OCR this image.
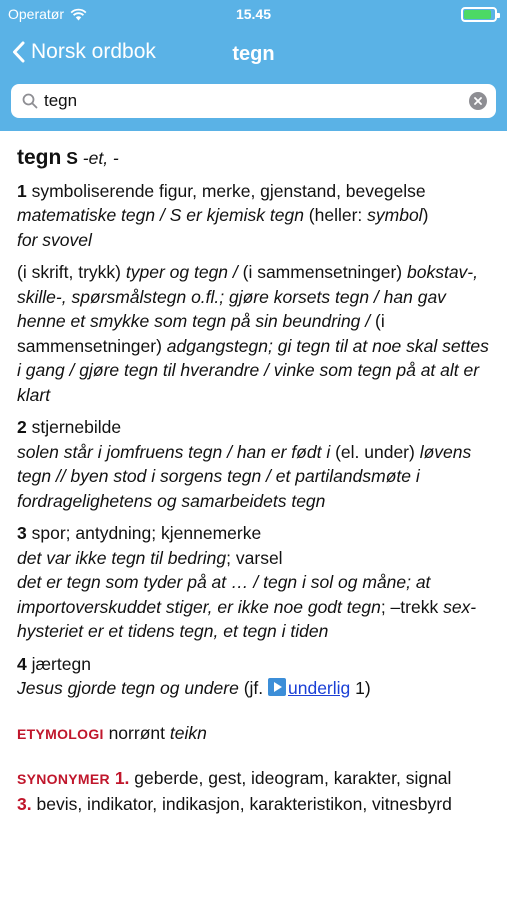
Operatør	15.45
Norsk ordbok	tegn
tegn

tegn S -et, -

1 symboliserende figur, merke, gjenstand, bevegelse
matematiske tegn / S er kjemisk tegn (heller: symbol)
for svovel

(i skrift, trykk) typer og tegn / (i sammensetninger) bokstav-, skille-, spørsmålstegn o.fl.; gjøre korsets tegn / han gav henne et smykke som tegn på sin beundring / (i sammensetninger) adgangstegn; gi tegn til at noe skal settes i gang / gjøre tegn til hverandre / vinke som tegn på at alt er klart

2 stjernebilde
solen står i jomfruens tegn / han er født i (el. under) løvens tegn // byen stod i sorgens tegn / et partilandsmøte i fordragelighetens og samarbeidets tegn

3 spor; antydning; kjennemerke
det var ikke tegn til bedring; varsel
det er tegn som tyder på at … / tegn i sol og måne; at importoverskuddet stiger, er ikke noe godt tegn; –trekk sex-hysteriet er et tidens tegn, et tegn i tiden

4 jærtegn
Jesus gjorde tegn og undere (jf. underlig 1)

ETYMOLOGI norrønt teikn

SYNONYMER 1. geberde, gest, ideogram, karakter, signal
3. bevis, indikator, indikasjon, karakteristikon, vitnesbyrd
